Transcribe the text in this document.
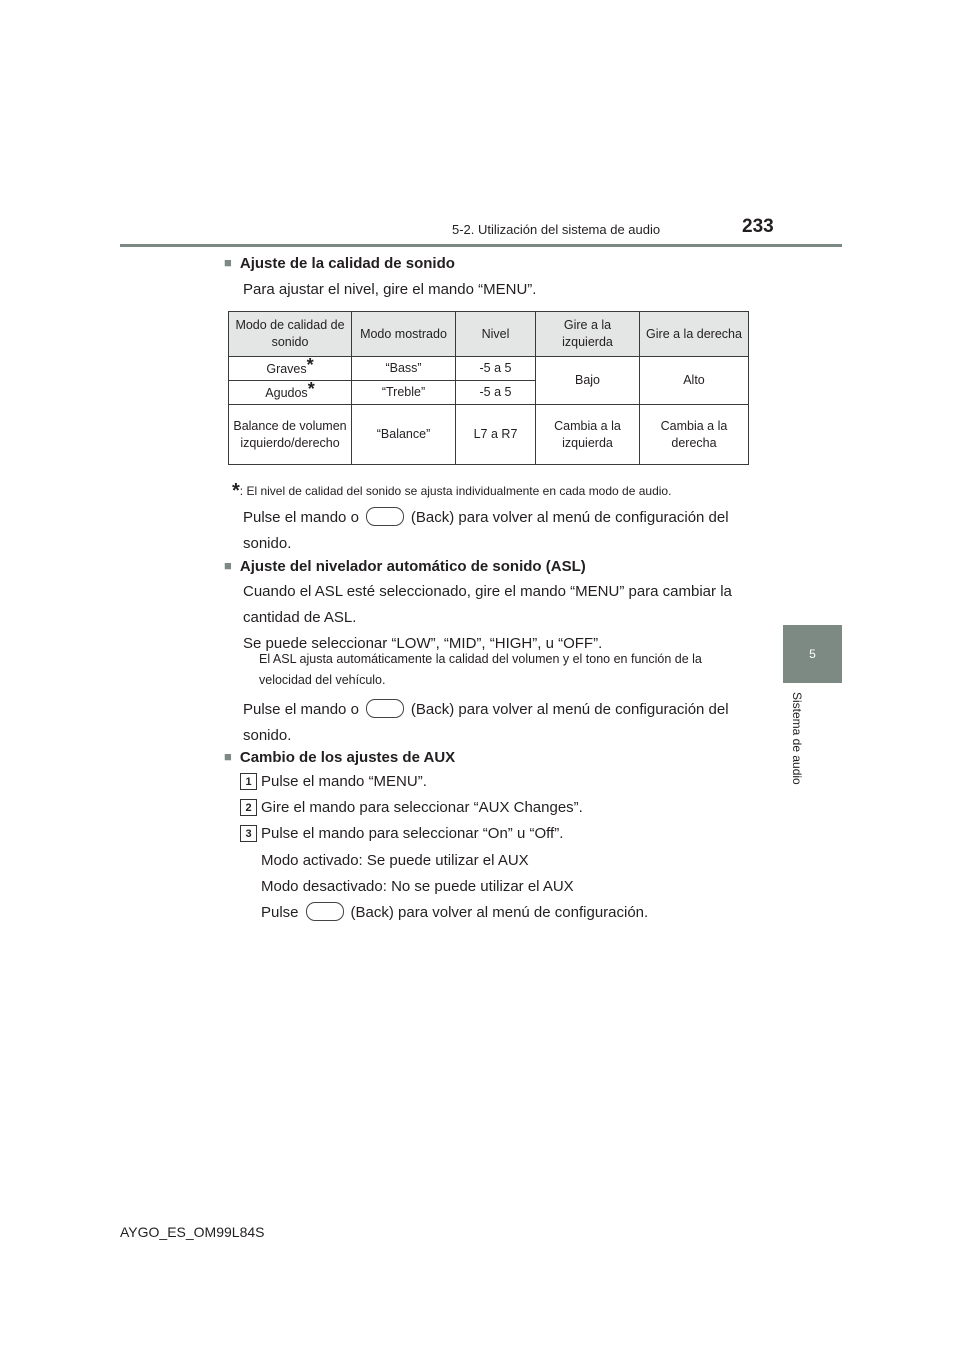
5-2. Utilización del sistema de audio	233
5
Sistema de audio
■ Ajuste de la calidad de sonido
Para ajustar el nivel, gire el mando “MENU”.
Modo de calidad de sonido	Modo mostrado	Nivel	Gire a la izquierda	Gire a la derecha
Graves*	“Bass”	-5 a 5	Bajo	Alto
Agudos*	“Treble”	-5 a 5		
Balance de volumen izquierdo/derecho	“Balance”	L7 a R7	Cambia a la izquierda	Cambia a la derecha
*: El nivel de calidad del sonido se ajusta individualmente en cada modo de audio.
Pulse el mando o	(Back) para volver al menú de configuración del
sonido.
■ Ajuste del nivelador automático de sonido (ASL)
Cuando el ASL esté seleccionado, gire el mando “MENU” para cambiar la
cantidad de ASL.
Se puede seleccionar “LOW”, “MID”, “HIGH”, u “OFF”.
El ASL ajusta automáticamente la calidad del volumen y el tono en función de la
velocidad del vehículo.
Pulse el mando o	(Back) para volver al menú de configuración del
sonido.
■ Cambio de los ajustes de AUX
1 Pulse el mando “MENU”.
2 Gire el mando para seleccionar “AUX Changes”.
3 Pulse el mando para seleccionar “On” u “Off”.
Modo activado: Se puede utilizar el AUX
Modo desactivado: No se puede utilizar el AUX
Pulse	(Back) para volver al menú de configuración.
AYGO_ES_OM99L84S
